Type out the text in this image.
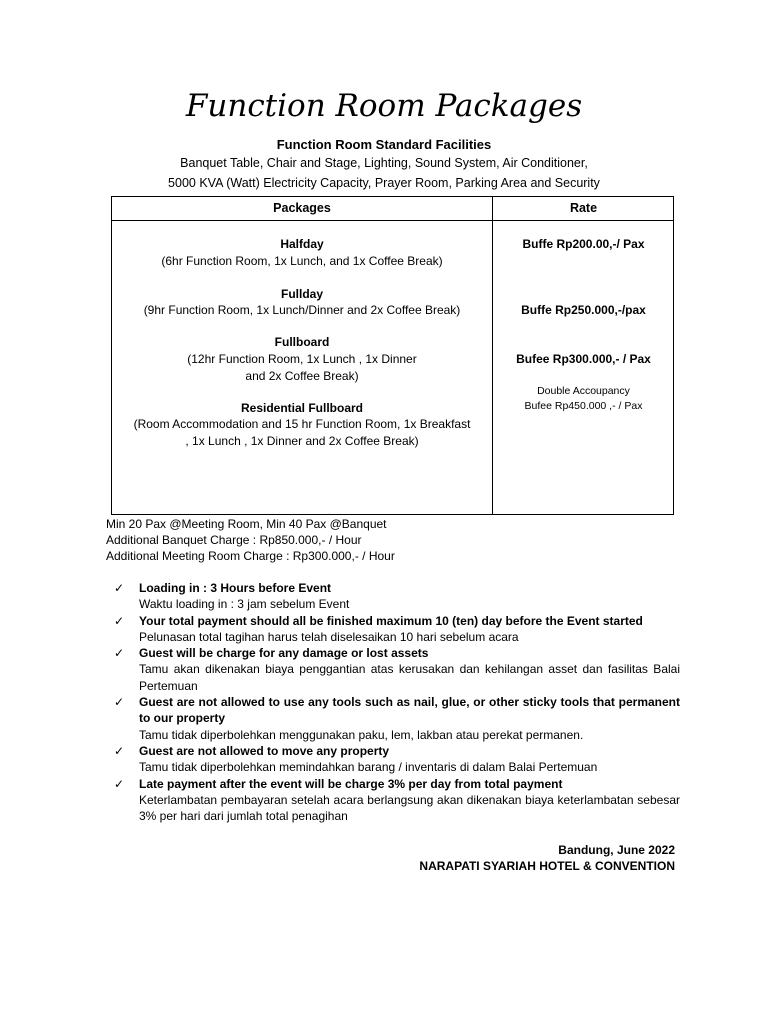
Function Room Packages
Function Room Standard Facilities
Banquet Table, Chair and Stage, Lighting, Sound System, Air Conditioner,
5000 KVA (Watt) Electricity Capacity, Prayer Room, Parking Area and Security
Packages	Rate
Halfday
(6hr Function Room, 1x Lunch, and 1x Coffee Break)
Buffe Rp200.00,-/ Pax
Fullday
(9hr Function Room, 1x Lunch/Dinner and 2x Coffee Break)	Buffe Rp250.000,-/pax
Fullboard
(12hr Function Room, 1x Lunch , 1x Dinner
and 2x Coffee Break)
Bufee Rp300.000,- / Pax
Double Accoupancy
Bufee Rp450.000 ,- / Pax
Residential Fullboard
(Room Accommodation and 15 hr Function Room, 1x Breakfast
, 1x Lunch , 1x Dinner and 2x Coffee Break)
Min 20 Pax @Meeting Room, Min 40 Pax @Banquet
Additional Banquet Charge : Rp850.000,- / Hour
Additional Meeting Room Charge : Rp300.000,- / Hour
✓ Loading in : 3 Hours before Event
Waktu loading in : 3 jam sebelum Event
✓ Your total payment should all be finished maximum 10 (ten) day before the Event started
Pelunasan total tagihan harus telah diselesaikan 10 hari sebelum acara
✓ Guest will be charge for any damage or lost assets
Tamu akan dikenakan biaya penggantian atas kerusakan dan kehilangan asset dan fasilitas Balai Pertemuan
✓ Guest are not allowed to use any tools such as nail, glue, or other sticky tools that permanent to our property
Tamu tidak diperbolehkan menggunakan paku, lem, lakban atau perekat permanen.
✓ Guest are not allowed to move any property
Tamu tidak diperbolehkan memindahkan barang / inventaris di dalam Balai Pertemuan
✓ Late payment after the event will be charge 3% per day from total payment
Keterlambatan pembayaran setelah acara berlangsung akan dikenakan biaya keterlambatan sebesar 3% per hari dari jumlah total penagihan
Bandung, June 2022
NARAPATI SYARIAH HOTEL & CONVENTION
